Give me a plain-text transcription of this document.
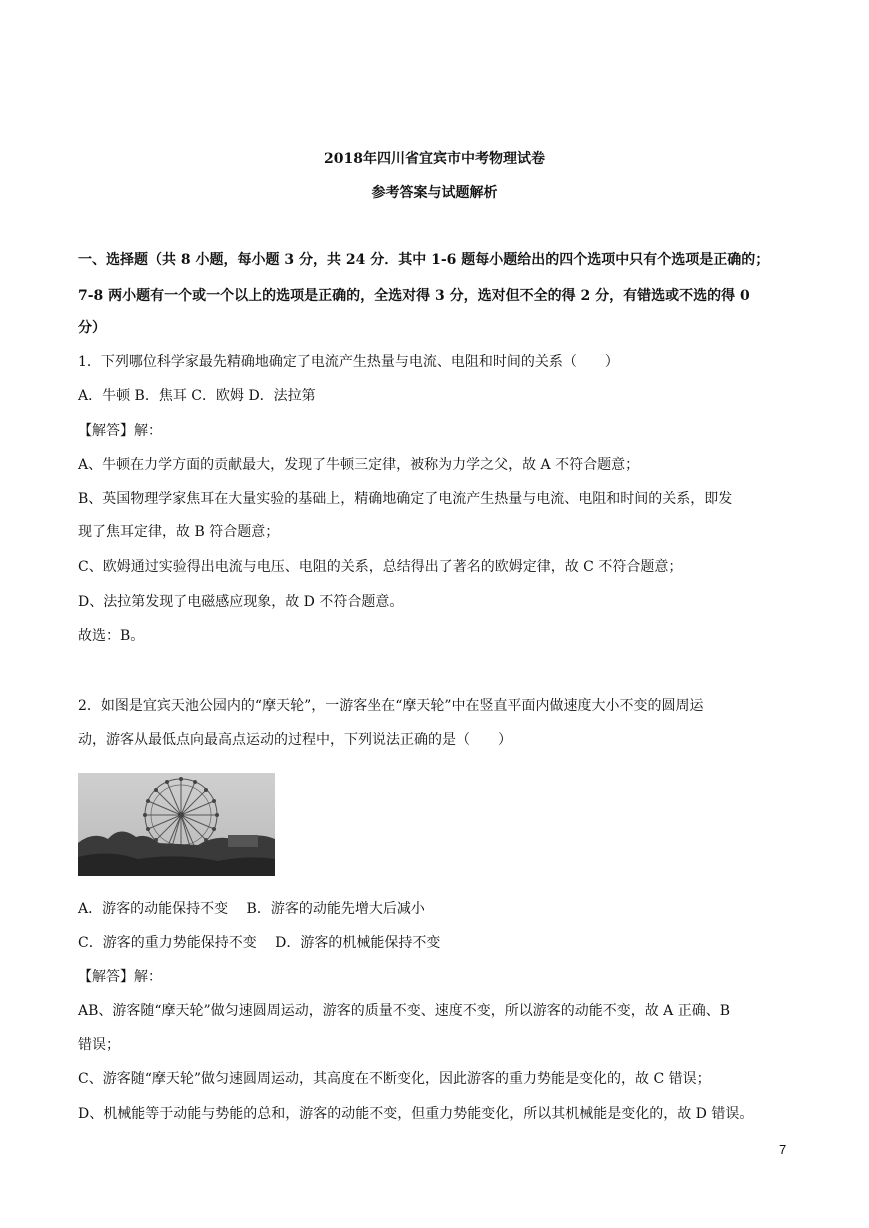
2018年四川省宜宾市中考物理试卷
参考答案与试题解析
一、选择题（共 8 小题，每小题 3 分，共 24 分．其中 1-6 题每小题给出的四个选项中只有个选项是正确的；
7-8 两小题有一个或一个以上的选项是正确的，全选对得 3 分，选对但不全的得 2 分，有错选或不选的得 0
分）
1．下列哪位科学家最先精确地确定了电流产生热量与电流、电阻和时间的关系（　　）
A．牛顿 B．焦耳 C．欧姆 D．法拉第
【解答】解：
A、牛顿在力学方面的贡献最大，发现了牛顿三定律，被称为力学之父，故 A 不符合题意；
B、英国物理学家焦耳在大量实验的基础上，精确地确定了电流产生热量与电流、电阻和时间的关系，即发
现了焦耳定律，故 B 符合题意；
C、欧姆通过实验得出电流与电压、电阻的关系，总结得出了著名的欧姆定律，故 C 不符合题意；
D、法拉第发现了电磁感应现象，故 D 不符合题意。
故选：B。
2．如图是宜宾天池公园内的“摩天轮”，一游客坐在“摩天轮”中在竖直平面内做速度大小不变的圆周运
动，游客从最低点向最高点运动的过程中，下列说法正确的是（　　）
A．游客的动能保持不变　 B．游客的动能先增大后减小
C．游客的重力势能保持不变　 D．游客的机械能保持不变
【解答】解：
AB、游客随“摩天轮”做匀速圆周运动，游客的质量不变、速度不变，所以游客的动能不变，故 A 正确、B
错误；
C、游客随“摩天轮”做匀速圆周运动，其高度在不断变化，因此游客的重力势能是变化的，故 C 错误；
D、机械能等于动能与势能的总和，游客的动能不变，但重力势能变化，所以其机械能是变化的，故 D 错误。
7
